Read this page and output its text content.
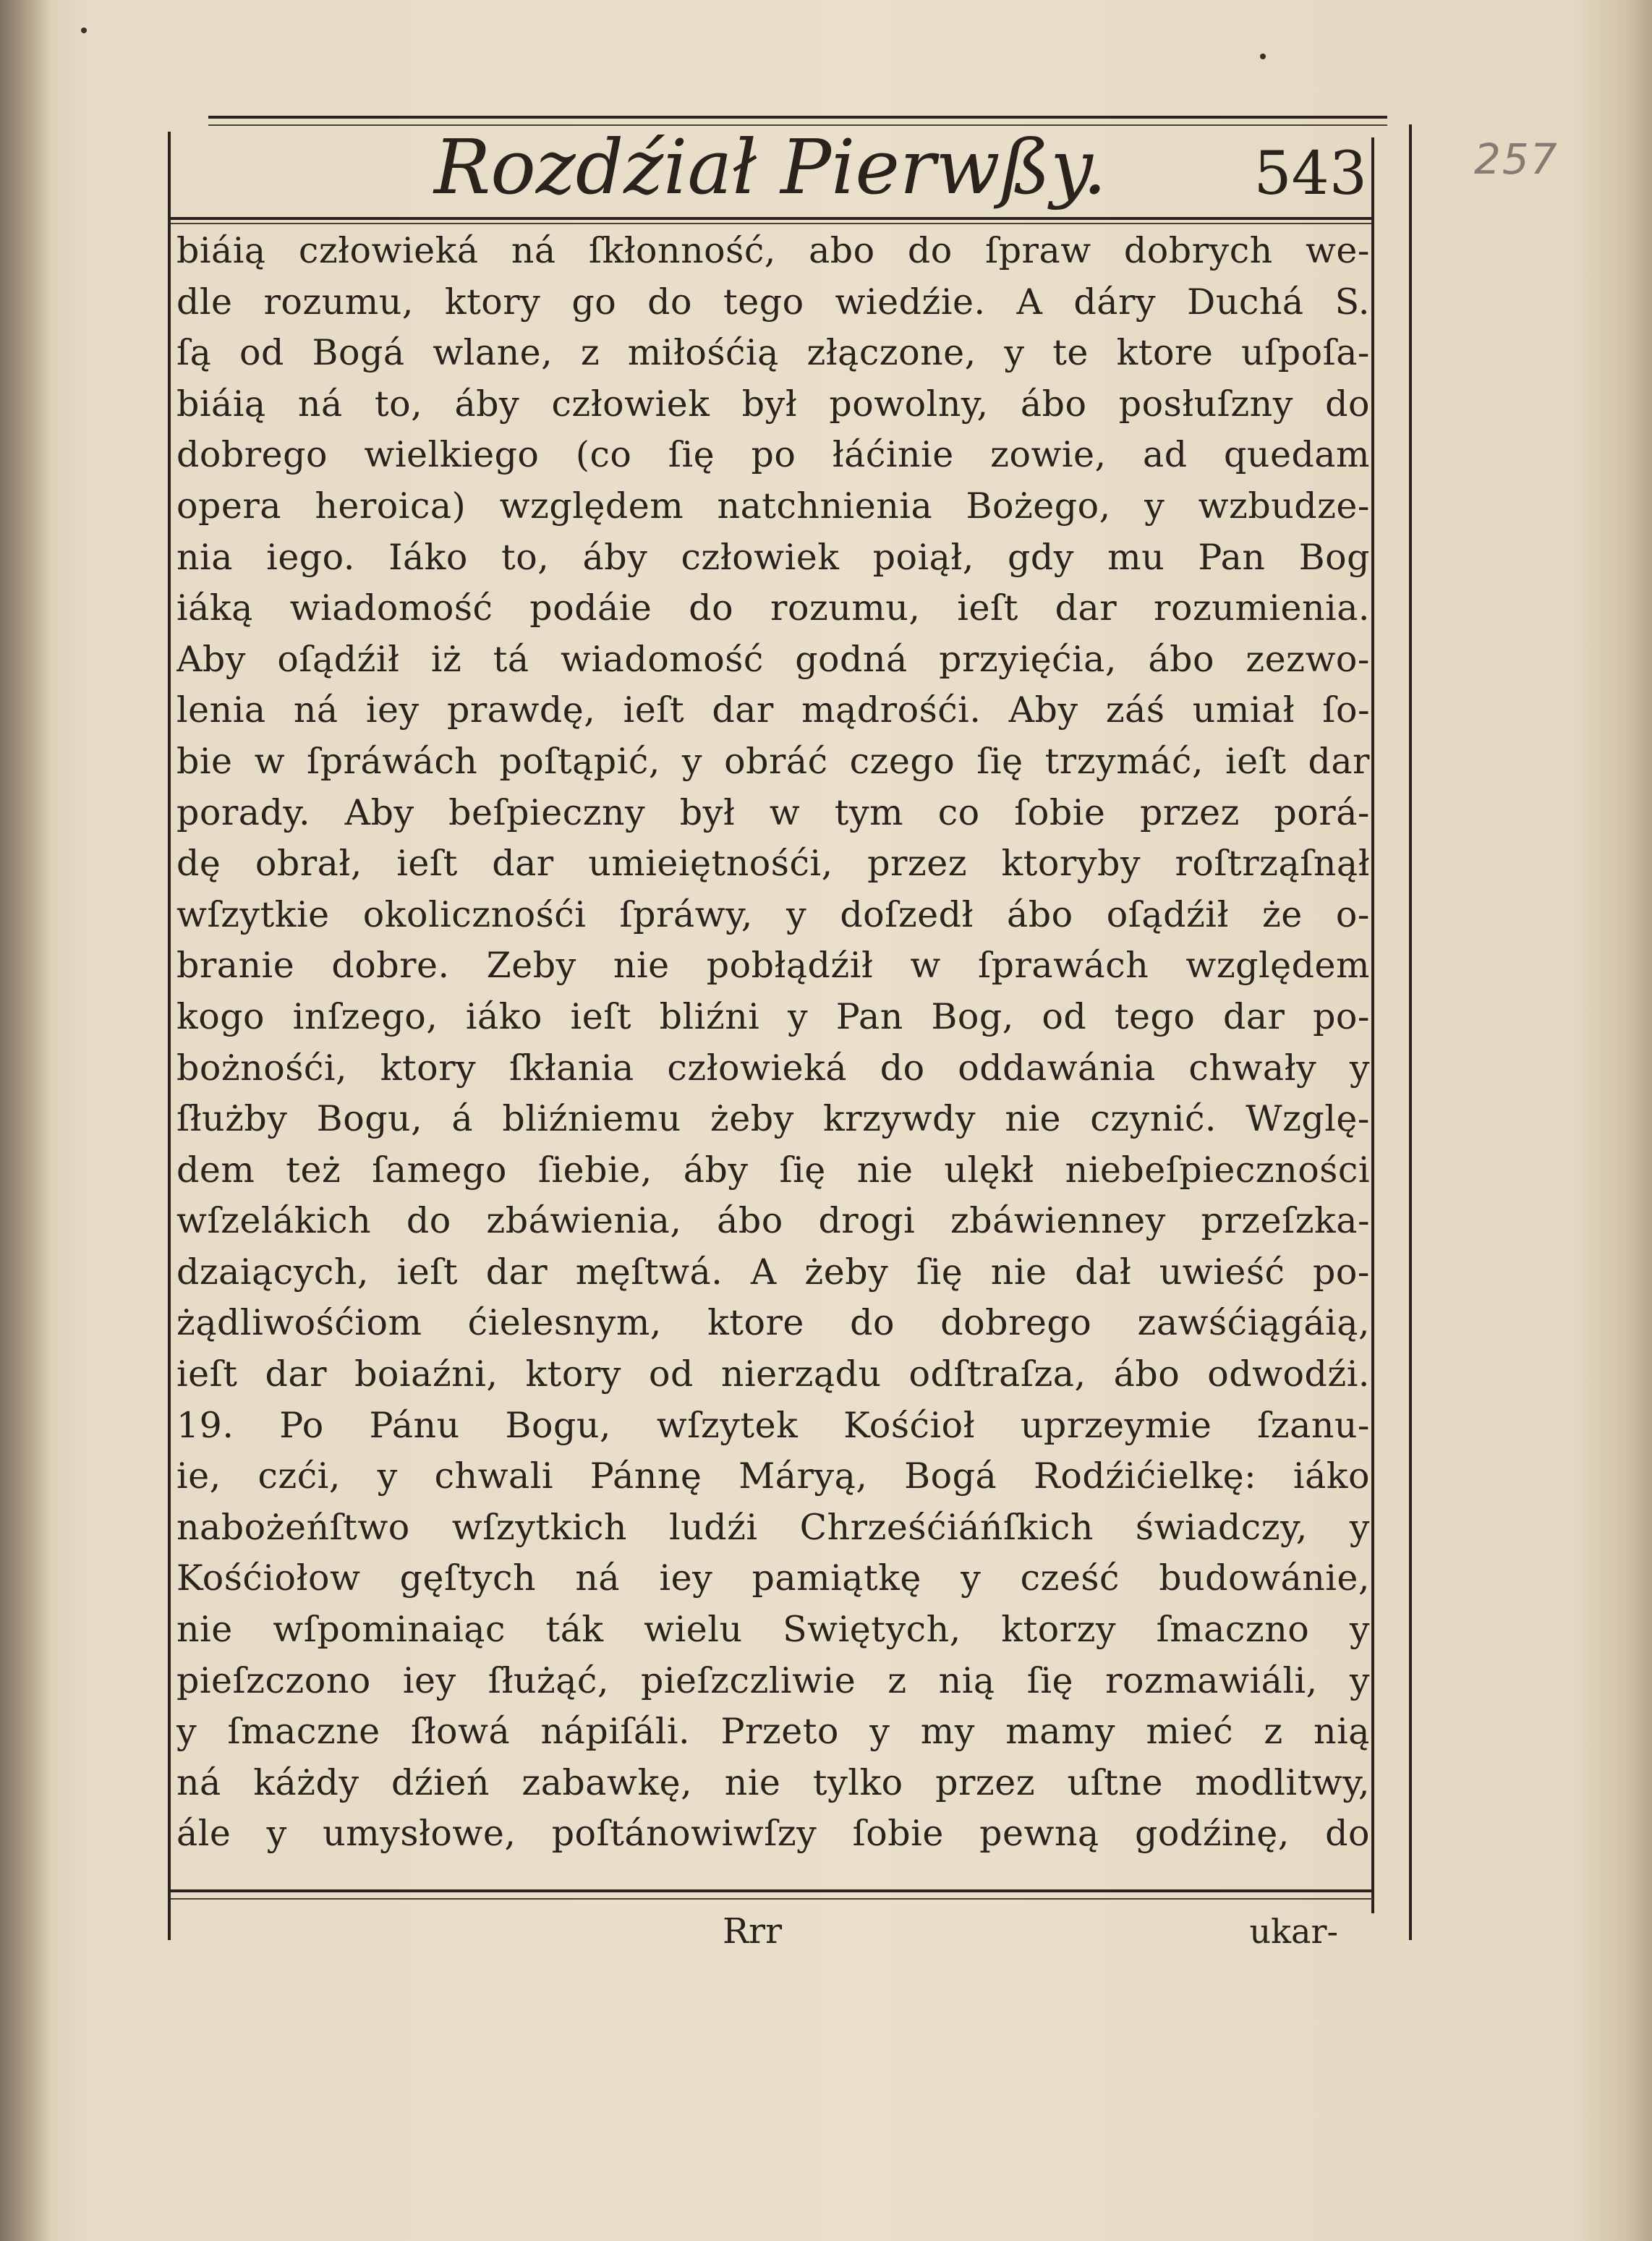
Rozdźiał Pierwßy.	543	257
biáią człowieká ná ſkłonność, abo do ſpraw dobrych we-
dle rozumu, ktory go do tego wiedźie. A dáry Duchá S.
ſą od Bogá wlane, z miłośćią złączone, y te ktore uſpoſa-
biáią ná to, áby człowiek był powolny, ábo posłuſzny do
dobrego wielkiego (co ſię po łáćinie zowie, ad quedam
opera heroica) względem natchnienia Bożego, y wzbudze-
nia iego. Iáko to, áby człowiek poiął, gdy mu Pan Bog
iáką wiadomość podáie do rozumu, ieſt dar rozumienia.
Aby oſądźił iż tá wiadomość godná przyięćia, ábo zezwo-
lenia ná iey prawdę, ieſt dar mądrośći. Aby záś umiał ſo-
bie w ſpráwách poſtąpić, y obráć czego ſię trzymáć, ieſt dar
porady. Aby beſpieczny był w tym co ſobie przez porá-
dę obrał, ieſt dar umieiętnośći, przez ktoryby roſtrząſnął
wſzytkie okolicznośći ſpráwy, y doſzedł ábo oſądźił że o-
branie dobre. Zeby nie pobłądźił w ſprawách względem
kogo inſzego, iáko ieſt bliźni y Pan Bog, od tego dar po-
bożnośći, ktory ſkłania człowieká do oddawánia chwały y
ſłużby Bogu, á bliźniemu żeby krzywdy nie czynić. Wzglę-
dem też ſamego ſiebie, áby ſię nie ulękł niebeſpieczności
wſzelákich do zbáwienia, ábo drogi zbáwienney przeſzka-
dzaiących, ieſt dar męſtwá. A żeby ſię nie dał uwieść po-
żądliwośćiom ćielesnym, ktore do dobrego zawśćiągáią,
ieſt dar boiaźni, ktory od nierządu odſtraſza, ábo odwodźi.
19. Po Pánu Bogu, wſzytek Kośćioł uprzeymie ſzanu-
ie, czći, y chwali Pánnę Máryą, Bogá Rodźićielkę: iáko
nabożeńſtwo wſzytkich ludźi Chrześćiáńſkich świadczy, y
Kośćiołow gęſtych ná iey pamiątkę y cześć budowánie,
nie wſpominaiąc ták wielu Swiętych, ktorzy ſmaczno y
pieſzczono iey ſłużąć, pieſzczliwie z nią ſię rozmawiáli, y
y ſmaczne ſłowá nápiſáli. Przeto y my mamy mieć z nią
ná káżdy dźień zabawkę, nie tylko przez uſtne modlitwy,
ále y umysłowe, poſtánowiwſzy ſobie pewną godźinę, do
Rrr	ukar-
